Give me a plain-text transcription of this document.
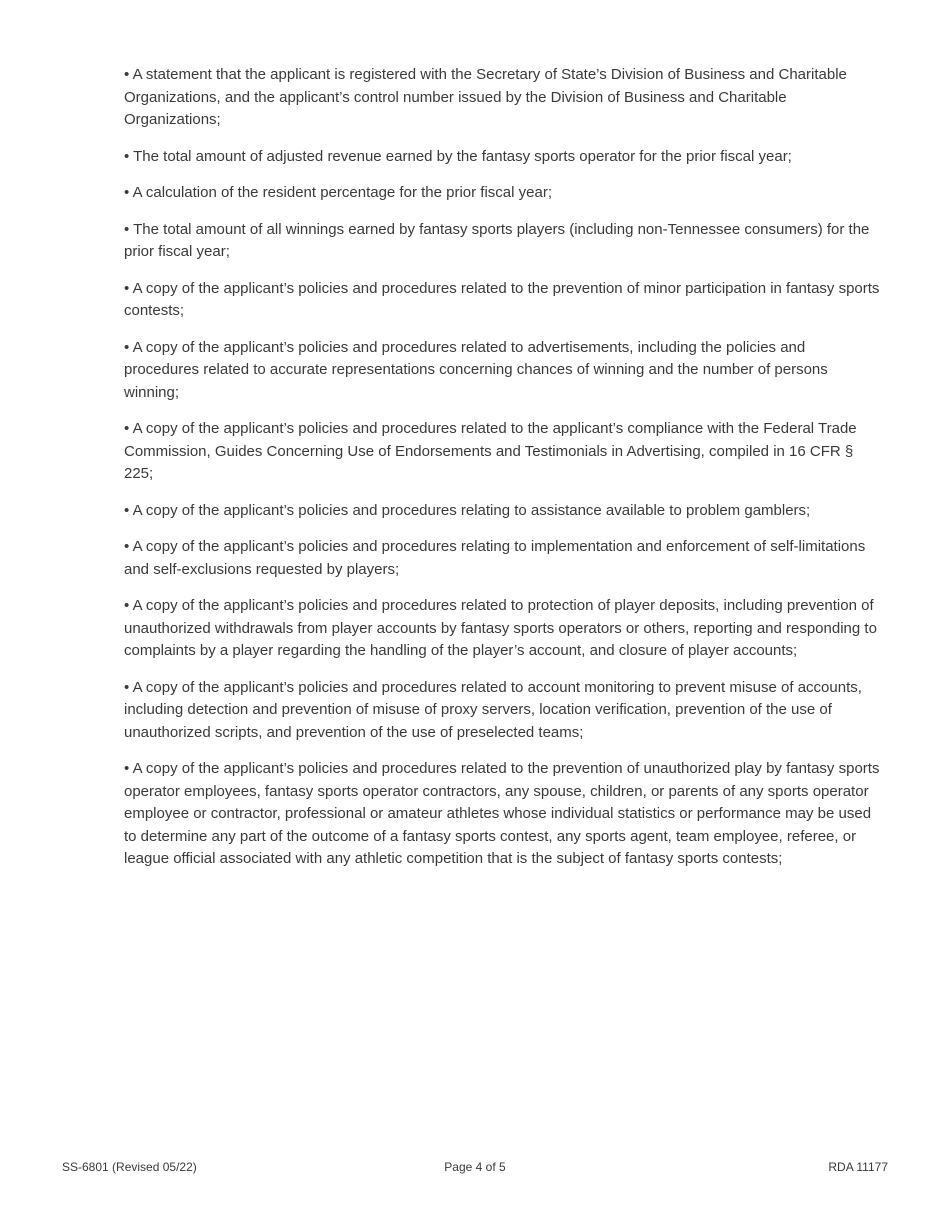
• A statement that the applicant is registered with the Secretary of State’s Division of Business and Charitable Organizations, and the applicant’s control number issued by the Division of Business and Charitable Organizations;

• The total amount of adjusted revenue earned by the fantasy sports operator for the prior fiscal year;

• A calculation of the resident percentage for the prior fiscal year;

• The total amount of all winnings earned by fantasy sports players (including non-Tennessee consumers) for the prior fiscal year;

• A copy of the applicant’s policies and procedures related to the prevention of minor participation in fantasy sports contests;

• A copy of the applicant’s policies and procedures related to advertisements, including the policies and procedures related to accurate representations concerning chances of winning and the number of persons winning;

• A copy of the applicant’s policies and procedures related to the applicant’s compliance with the Federal Trade Commission, Guides Concerning Use of Endorsements and Testimonials in Advertising, compiled in 16 CFR § 225;

• A copy of the applicant’s policies and procedures relating to assistance available to problem gamblers;

• A copy of the applicant’s policies and procedures relating to implementation and enforcement of self-limitations and self-exclusions requested by players;

• A copy of the applicant’s policies and procedures related to protection of player deposits, including prevention of unauthorized withdrawals from player accounts by fantasy sports operators or others, reporting and responding to complaints by a player regarding the handling of the player’s account, and closure of player accounts;

• A copy of the applicant’s policies and procedures related to account monitoring to prevent misuse of accounts, including detection and prevention of misuse of proxy servers, location verification, prevention of the use of unauthorized scripts, and prevention of the use of preselected teams;

• A copy of the applicant’s policies and procedures related to the prevention of unauthorized play by fantasy sports operator employees, fantasy sports operator contractors, any spouse, children, or parents of any sports operator employee or contractor, professional or amateur athletes whose individual statistics or performance may be used to determine any part of the outcome of a fantasy sports contest, any sports agent, team employee, referee, or league official associated with any athletic competition that is the subject of fantasy sports contests;

SS-6801 (Revised 05/22)	Page 4 of 5	RDA 11177
